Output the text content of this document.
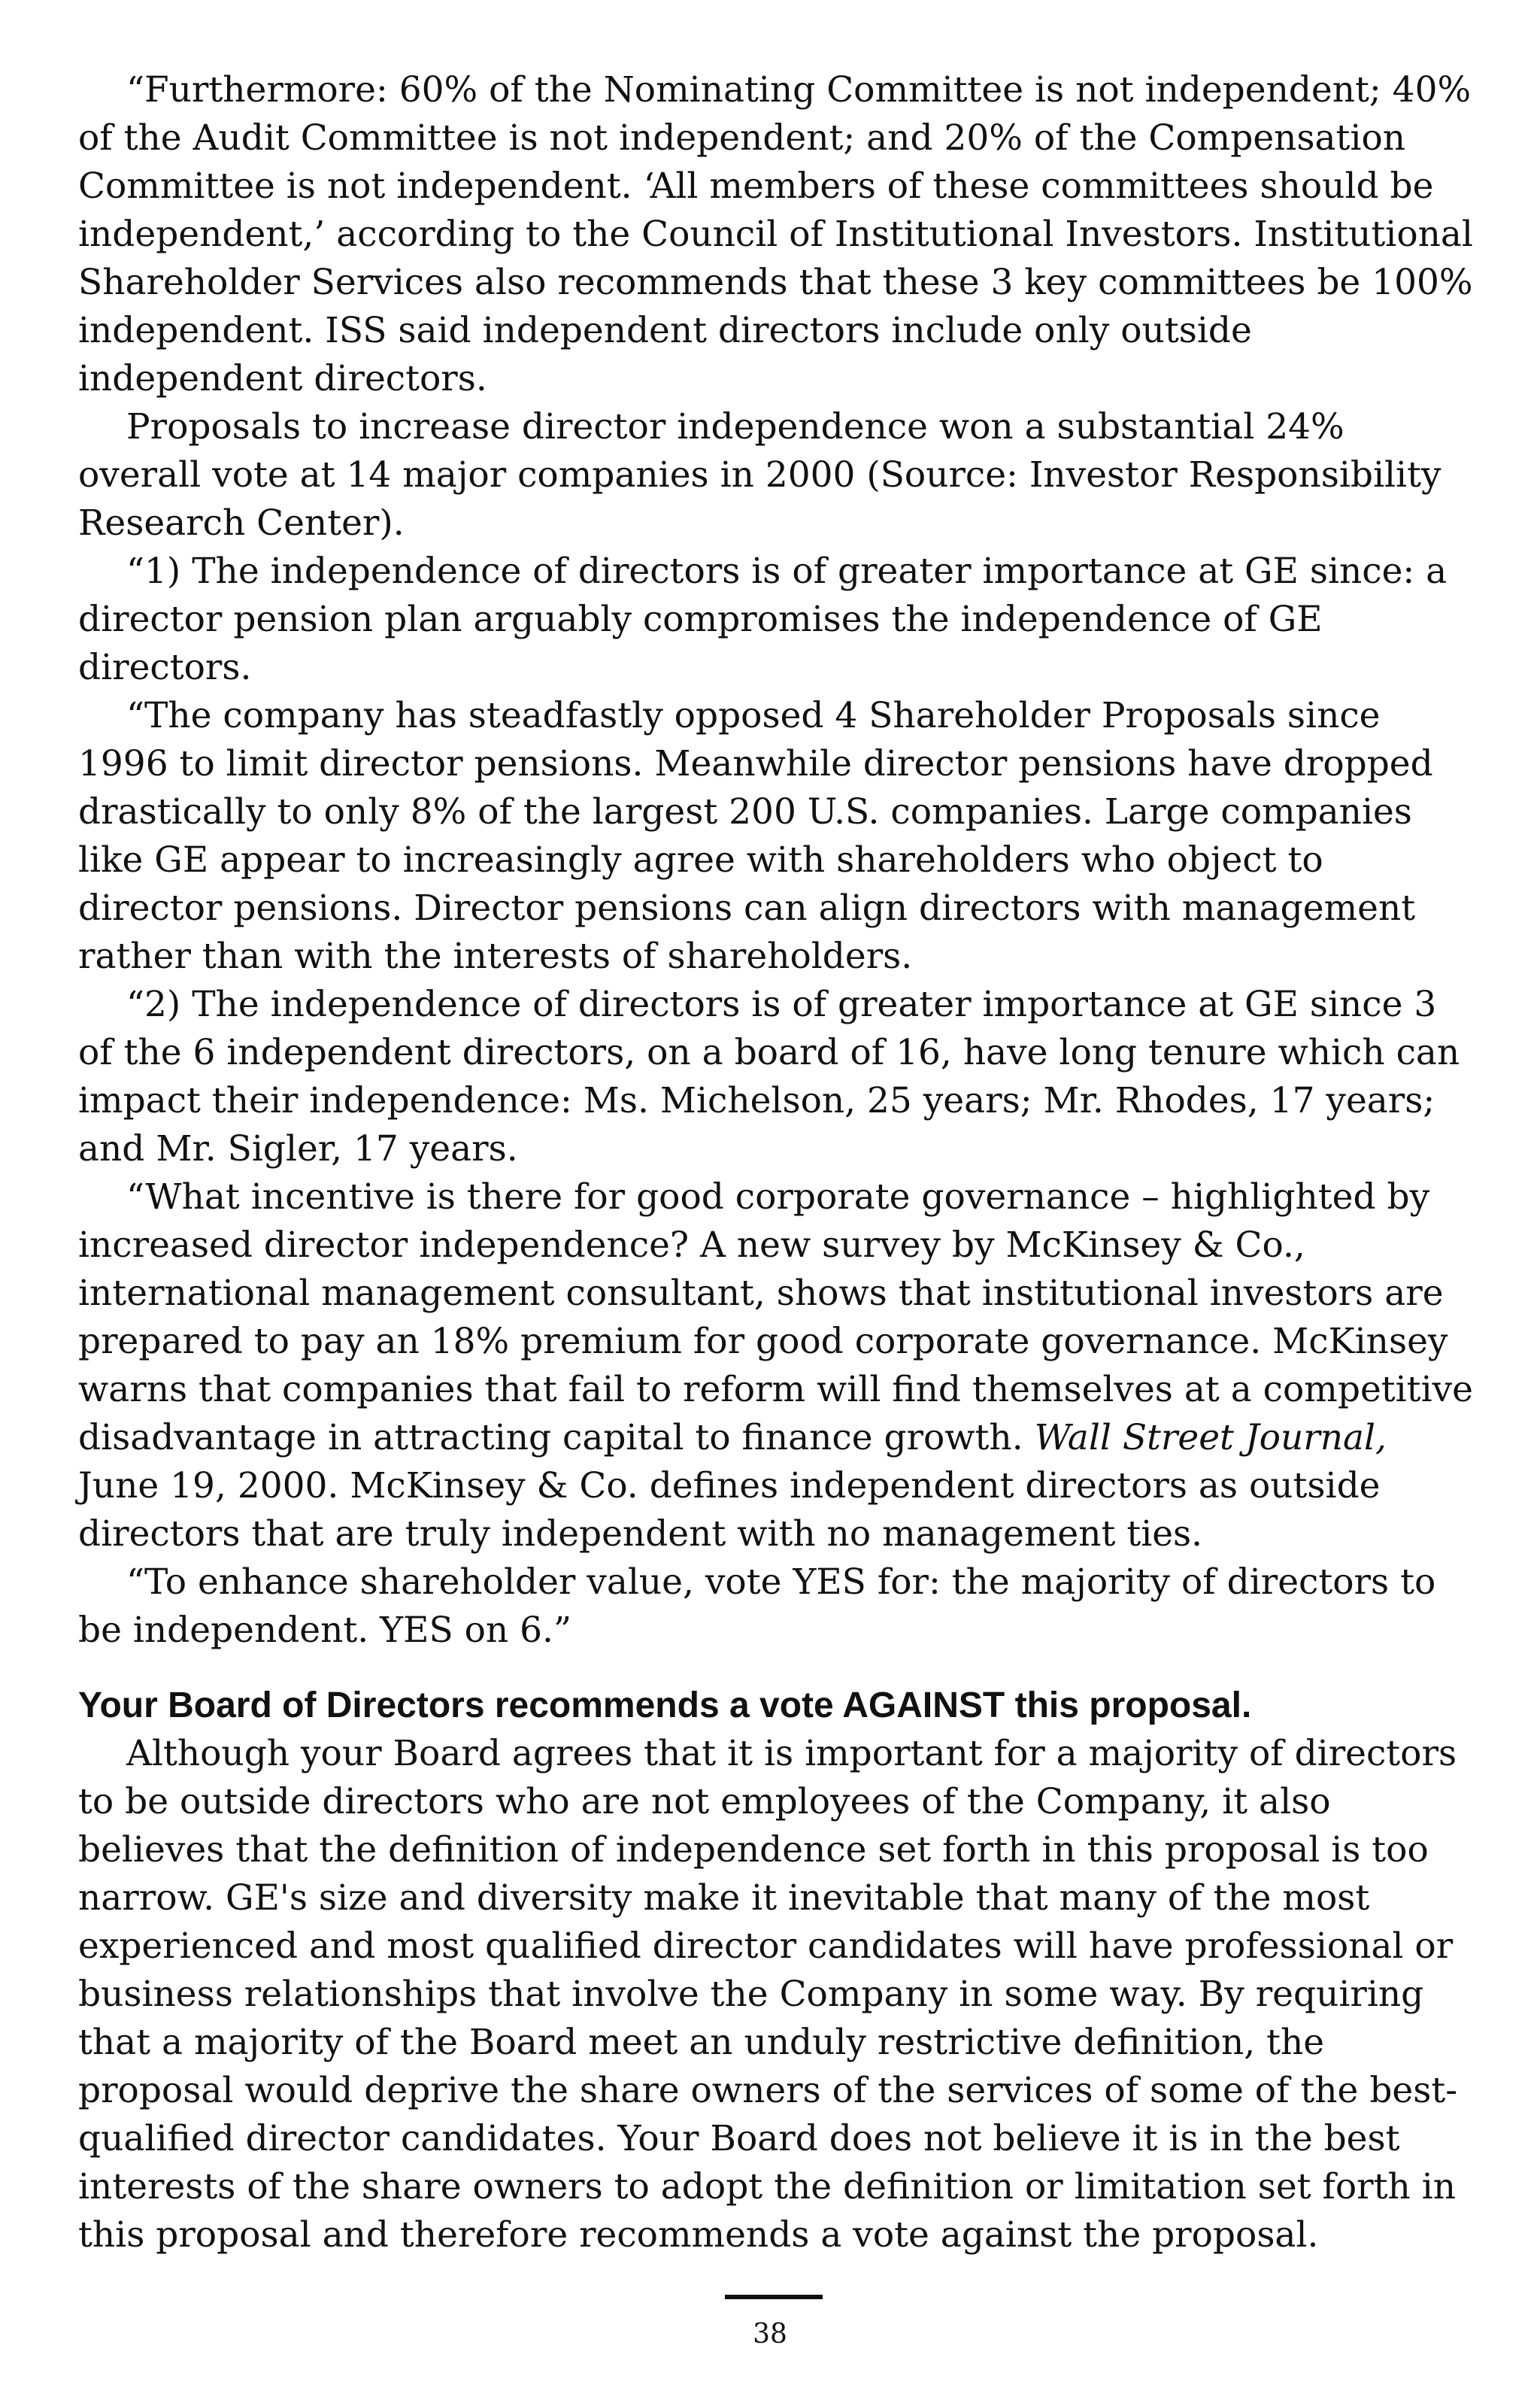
“Furthermore: 60% of the Nominating Committee is not independent; 40% of the Audit Committee is not independent; and 20% of the Compensation Committee is not independent. ‘All members of these committees should be independent,’ according to the Council of Institutional Investors. Institutional Shareholder Services also recommends that these 3 key committees be 100% independent. ISS said independent directors include only outside independent directors.

Proposals to increase director independence won a substantial 24% overall vote at 14 major companies in 2000 (Source: Investor Responsibility Research Center).

“1) The independence of directors is of greater importance at GE since: a director pension plan arguably compromises the independence of GE directors.

“The company has steadfastly opposed 4 Shareholder Proposals since 1996 to limit director pensions. Meanwhile director pensions have dropped drastically to only 8% of the largest 200 U.S. companies. Large companies like GE appear to increasingly agree with shareholders who object to director pensions. Director pensions can align directors with management rather than with the interests of shareholders.

“2) The independence of directors is of greater importance at GE since 3 of the 6 independent directors, on a board of 16, have long tenure which can impact their independence: Ms. Michelson, 25 years; Mr. Rhodes, 17 years; and Mr. Sigler, 17 years.

“What incentive is there for good corporate governance – highlighted by increased director independence? A new survey by McKinsey & Co., international management consultant, shows that institutional investors are prepared to pay an 18% premium for good corporate governance. McKinsey warns that companies that fail to reform will find themselves at a competitive disadvantage in attracting capital to finance growth. Wall Street Journal, June 19, 2000. McKinsey & Co. defines independent directors as outside directors that are truly independent with no management ties.

“To enhance shareholder value, vote YES for: the majority of directors to be independent. YES on 6.”

Your Board of Directors recommends a vote AGAINST this proposal.

Although your Board agrees that it is important for a majority of directors to be outside directors who are not employees of the Company, it also believes that the definition of independence set forth in this proposal is too narrow. GE's size and diversity make it inevitable that many of the most experienced and most qualified director candidates will have professional or business relationships that involve the Company in some way. By requiring that a majority of the Board meet an unduly restrictive definition, the proposal would deprive the share owners of the services of some of the best-qualified director candidates. Your Board does not believe it is in the best interests of the share owners to adopt the definition or limitation set forth in this proposal and therefore recommends a vote against the proposal.

38
